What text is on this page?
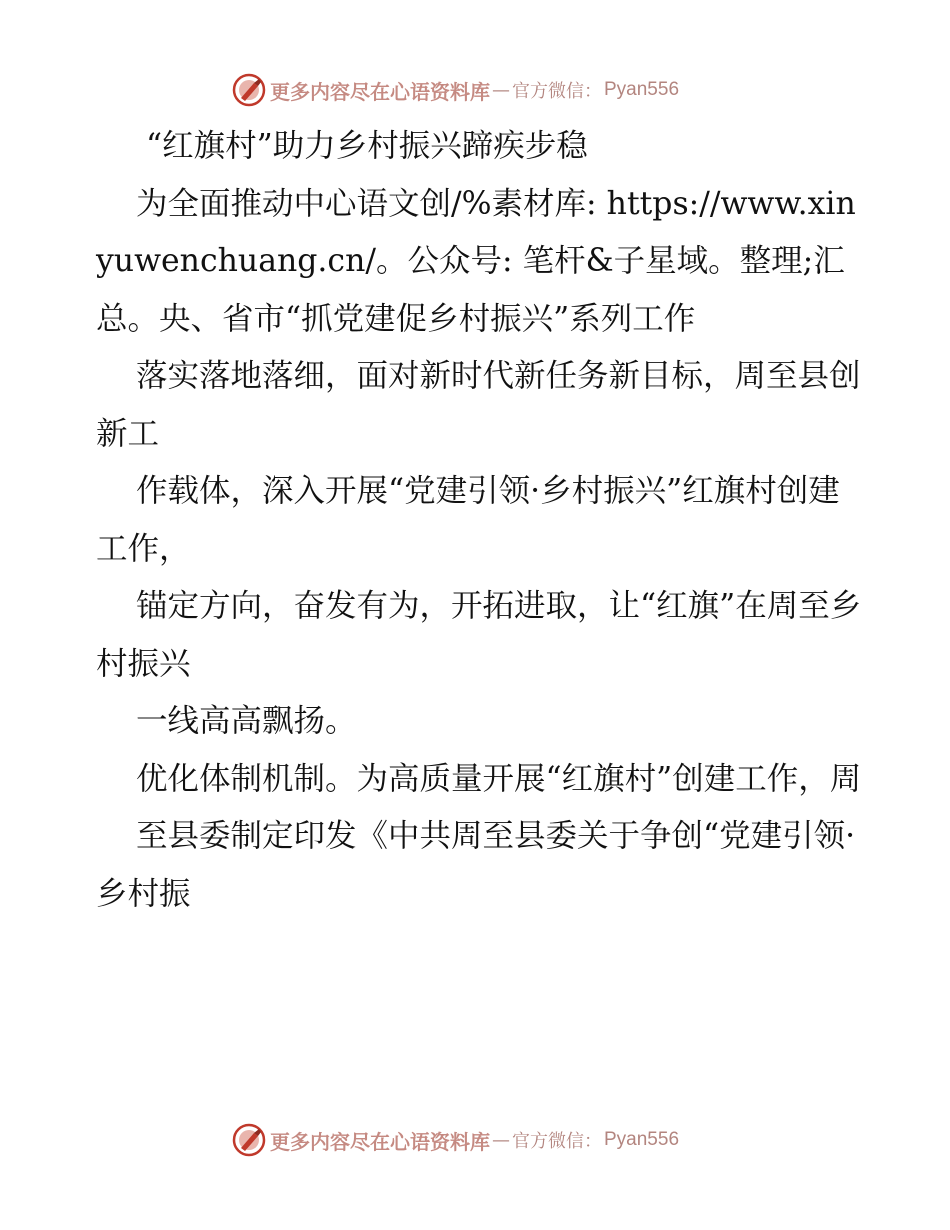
更多内容尽在心语资料库 — 官方微信： Pyan556

“红旗村”助力乡村振兴蹄疾步稳

为全面推动中心语文创/%素材库: https://www.xinyuwenchuang.cn/。公众号: 笔杆&子星域。整理;汇总。央、省市“抓党建促乡村振兴”系列工作

落实落地落细，面对新时代新任务新目标，周至县创新工

作载体，深入开展“党建引领·乡村振兴”红旗村创建工作，

锚定方向，奋发有为，开拓进取，让“红旗”在周至乡村振兴

一线高高飘扬。

优化体制机制。为高质量开展“红旗村”创建工作，周

至县委制定印发《中共周至县委关于争创“党建引领·乡村振

更多内容尽在心语资料库 — 官方微信： Pyan556
